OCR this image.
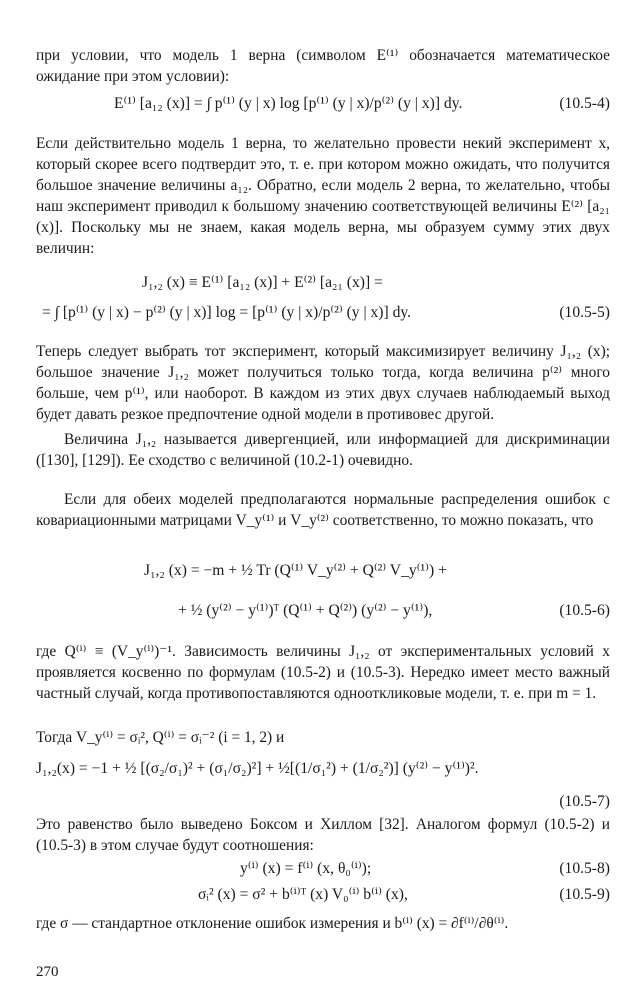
при условии, что модель 1 верна (символом E⁽¹⁾ обозначается математическое ожидание при этом условии):

E⁽¹⁾ [a₁₂ (x)] = ∫ p⁽¹⁾ (y | x) log [p⁽¹⁾ (y | x)/p⁽²⁾ (y | x)] dy.	(10.5-4)

Если действительно модель 1 верна, то желательно провести некий эксперимент x, который скорее всего подтвердит это, т. е. при котором можно ожидать, что получится большое значение величины a₁₂. Обратно, если модель 2 верна, то желательно, чтобы наш эксперимент приводил к большому значению соответствующей величины E⁽²⁾ [a₂₁ (x)]. Поскольку мы не знаем, какая модель верна, мы образуем сумму этих двух величин:

J₁,₂ (x) ≡ E⁽¹⁾ [a₁₂ (x)] + E⁽²⁾ [a₂₁ (x)] =
= ∫ [p⁽¹⁾ (y | x) − p⁽²⁾ (y | x)] log = [p⁽¹⁾ (y | x)/p⁽²⁾ (y | x)] dy.	(10.5-5)

Теперь следует выбрать тот эксперимент, который максимизирует величину J₁,₂ (x); большое значение J₁,₂ может получиться только тогда, когда величина p⁽²⁾ много больше, чем p⁽¹⁾, или наоборот. В каждом из этих двух случаев наблюдаемый выход будет давать резкое предпочтение одной модели в противовес другой.

Величина J₁,₂ называется дивергенцией, или информацией для дискриминации ([130], [129]). Ее сходство с величиной (10.2-1) очевидно.

Если для обеих моделей предполагаются нормальные распределения ошибок с ковариационными матрицами V_y⁽¹⁾ и V_y⁽²⁾ соответственно, то можно показать, что

J₁,₂ (x) = −m + ½ Tr (Q⁽¹⁾ V_y⁽²⁾ + Q⁽²⁾ V_y⁽¹⁾) +
+ ½ (y⁽²⁾ − y⁽¹⁾)ᵀ (Q⁽¹⁾ + Q⁽²⁾) (y⁽²⁾ − y⁽¹⁾),	(10.5-6)

где Q⁽ⁱ⁾ ≡ (V_y⁽ⁱ⁾)⁻¹. Зависимость величины J₁,₂ от экспериментальных условий x проявляется косвенно по формулам (10.5-2) и (10.5-3). Нередко имеет место важный частный случай, когда противопоставляются однооткликовые модели, т. е. при m = 1.

Тогда V_y⁽ⁱ⁾ = σᵢ², Q⁽ⁱ⁾ = σᵢ⁻² (i = 1, 2) и

J₁,₂(x) = −1 + ½ [(σ₂/σ₁)² + (σ₁/σ₂)²] + ½[(1/σ₁²) + (1/σ₂²)] (y⁽²⁾ − y⁽¹⁾)².
(10.5-7)

Это равенство было выведено Боксом и Хиллом [32]. Аналогом формул (10.5-2) и (10.5-3) в этом случае будут соотношения:

y⁽ⁱ⁾ (x) = f⁽ⁱ⁾ (x, θ₀⁽ⁱ⁾);	(10.5-8)
σᵢ² (x) = σ² + b⁽ⁱ⁾ᵀ (x) V₀⁽ⁱ⁾ b⁽ⁱ⁾ (x),	(10.5-9)

где σ — стандартное отклонение ошибок измерения и b⁽ⁱ⁾ (x) = ∂f⁽ⁱ⁾/∂θ⁽ⁱ⁾.

270
